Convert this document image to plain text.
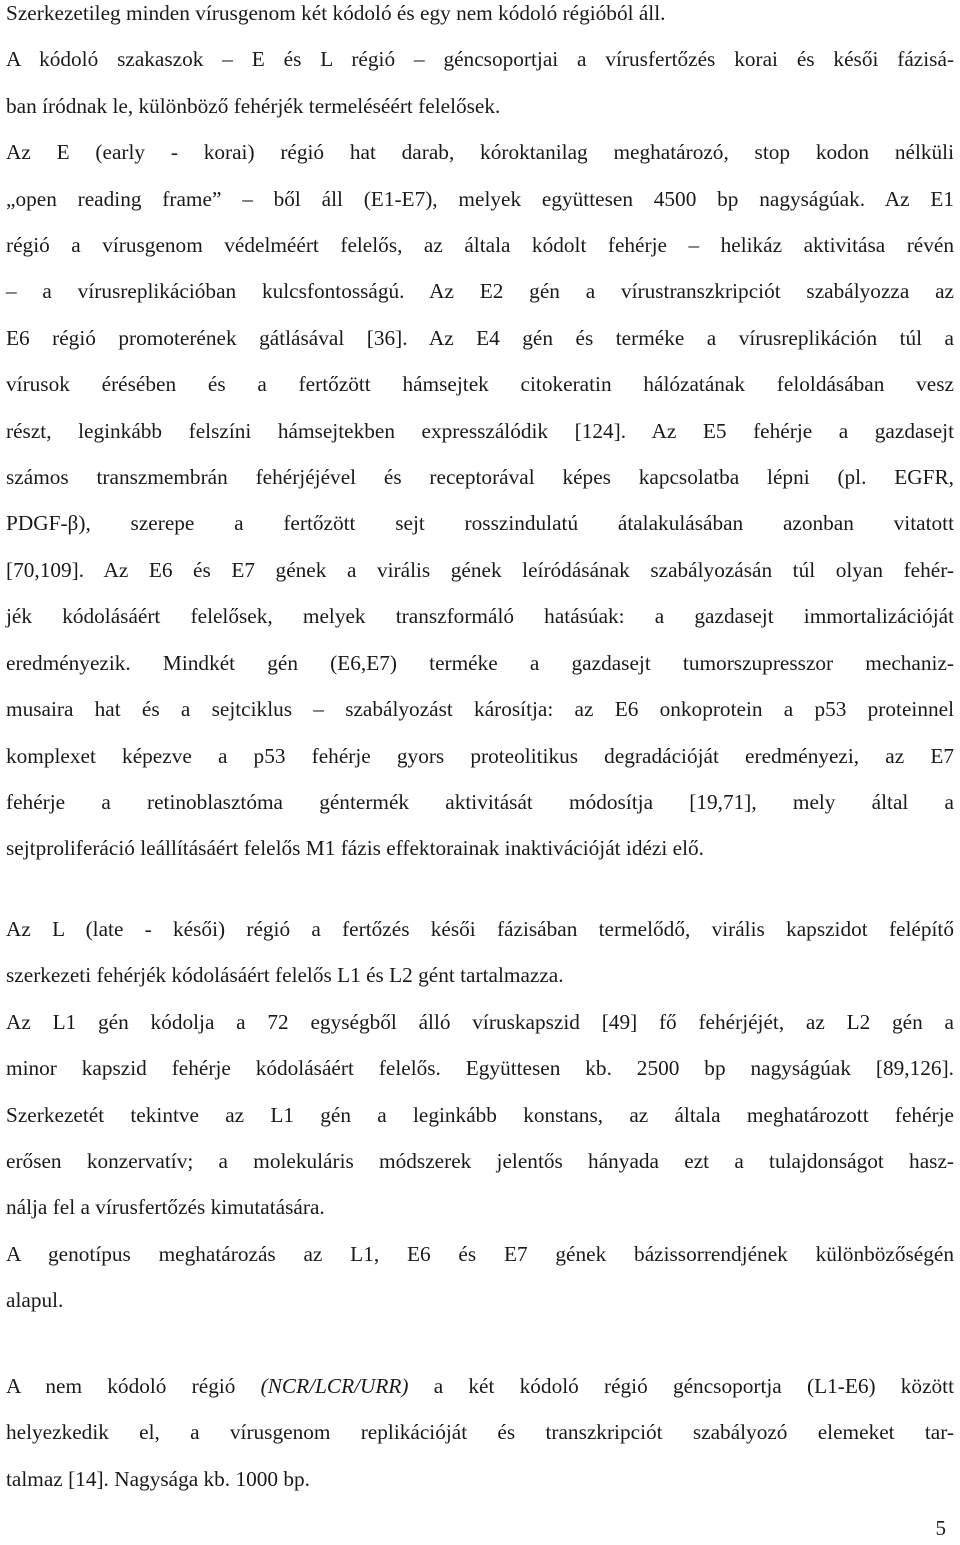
Szerkezetileg minden vírusgenom két kódoló és egy nem kódoló régióból áll.
A kódoló szakaszok – E és L régió – géncsoportjai a vírusfertőzés korai és késői fázisá-
ban íródnak le, különböző fehérjék termeléséért felelősek.
Az E (early - korai) régió hat darab, kóroktanilag meghatározó, stop kodon nélküli
„open reading frame” – ből áll (E1-E7), melyek együttesen 4500 bp nagyságúak. Az E1
régió a vírusgenom védelméért felelős, az általa kódolt fehérje – helikáz aktivitása révén
– a vírusreplikációban kulcsfontosságú. Az E2 gén a vírustranszkripciót szabályozza az
E6 régió promoterének gátlásával [36]. Az E4 gén és terméke a vírusreplikáción túl a
vírusok érésében és a fertőzött hámsejtek citokeratin hálózatának feloldásában vesz
részt, leginkább felszíni hámsejtekben expresszálódik [124]. Az E5 fehérje a gazdasejt
számos transzmembrán fehérjéjével és receptorával képes kapcsolatba lépni (pl. EGFR,
PDGF-β), szerepe a fertőzött sejt rosszindulatú átalakulásában azonban vitatott
[70,109]. Az E6 és E7 gének a virális gének leíródásának szabályozásán túl olyan fehér-
jék kódolásáért felelősek, melyek transzformáló hatásúak: a gazdasejt immortalizációját
eredményezik. Mindkét gén (E6,E7) terméke a gazdasejt tumorszupresszor mechaniz-
musaira hat és a sejtciklus – szabályozást károsítja: az E6 onkoprotein a p53 proteinnel
komplexet képezve a p53 fehérje gyors proteolitikus degradációját eredményezi, az E7
fehérje a retinoblasztóma géntermék aktivitását módosítja [19,71], mely által a
sejtproliferáció leállításáért felelős M1 fázis effektorainak inaktivációját idézi elő.
Az L (late - késői) régió a fertőzés késői fázisában termelődő, virális kapszidot felépítő
szerkezeti fehérjék kódolásáért felelős L1 és L2 gént tartalmazza.
Az L1 gén kódolja a 72 egységből álló víruskapszid [49] fő fehérjéjét, az L2 gén a
minor kapszid fehérje kódolásáért felelős. Együttesen kb. 2500 bp nagyságúak [89,126].
Szerkezetét tekintve az L1 gén a leginkább konstans, az általa meghatározott fehérje
erősen konzervatív; a molekuláris módszerek jelentős hányada ezt a tulajdonságot hasz-
nálja fel a vírusfertőzés kimutatására.
A genotípus meghatározás az L1, E6 és E7 gének bázissorrendjének különbözőségén
alapul.
A nem kódoló régió (NCR/LCR/URR) a két kódoló régió géncsoportja (L1-E6) között
helyezkedik el, a vírusgenom replikációját és transzkripciót szabályozó elemeket tar-
talmaz [14]. Nagysága kb. 1000 bp.
5
